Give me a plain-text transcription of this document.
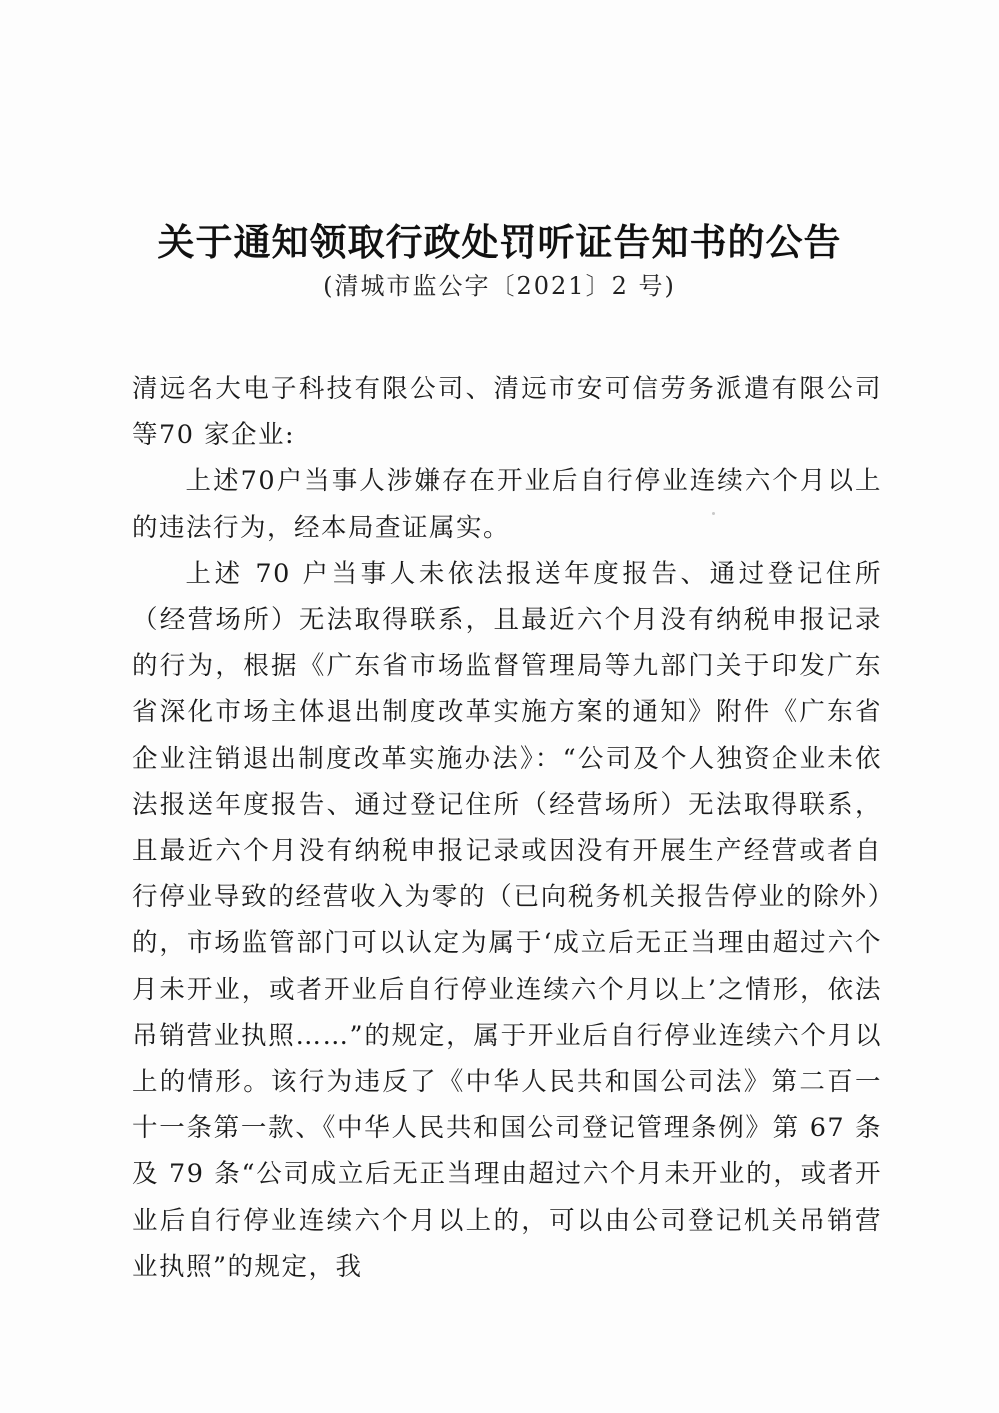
关于通知领取行政处罚听证告知书的公告
(清城市监公字〔2021〕2 号)

清远名大电子科技有限公司、清远市安可信劳务派遣有限公司等70 家企业:

上述70户当事人涉嫌存在开业后自行停业连续六个月以上的违法行为，经本局查证属实。

上述 70 户当事人未依法报送年度报告、通过登记住所（经营场所）无法取得联系，且最近六个月没有纳税申报记录的行为，根据《广东省市场监督管理局等九部门关于印发广东省深化市场主体退出制度改革实施方案的通知》附件《广东省企业注销退出制度改革实施办法》：“公司及个人独资企业未依法报送年度报告、通过登记住所（经营场所）无法取得联系，且最近六个月没有纳税申报记录或因没有开展生产经营或者自行停业导致的经营收入为零的（已向税务机关报告停业的除外）的，市场监管部门可以认定为属于‘成立后无正当理由超过六个月未开业，或者开业后自行停业连续六个月以上’之情形，依法吊销营业执照……”的规定，属于开业后自行停业连续六个月以上的情形。该行为违反了《中华人民共和国公司法》第二百一十一条第一款、《中华人民共和国公司登记管理条例》第 67 条及 79 条“公司成立后无正当理由超过六个月未开业的，或者开业后自行停业连续六个月以上的，可以由公司登记机关吊销营业执照”的规定，我
